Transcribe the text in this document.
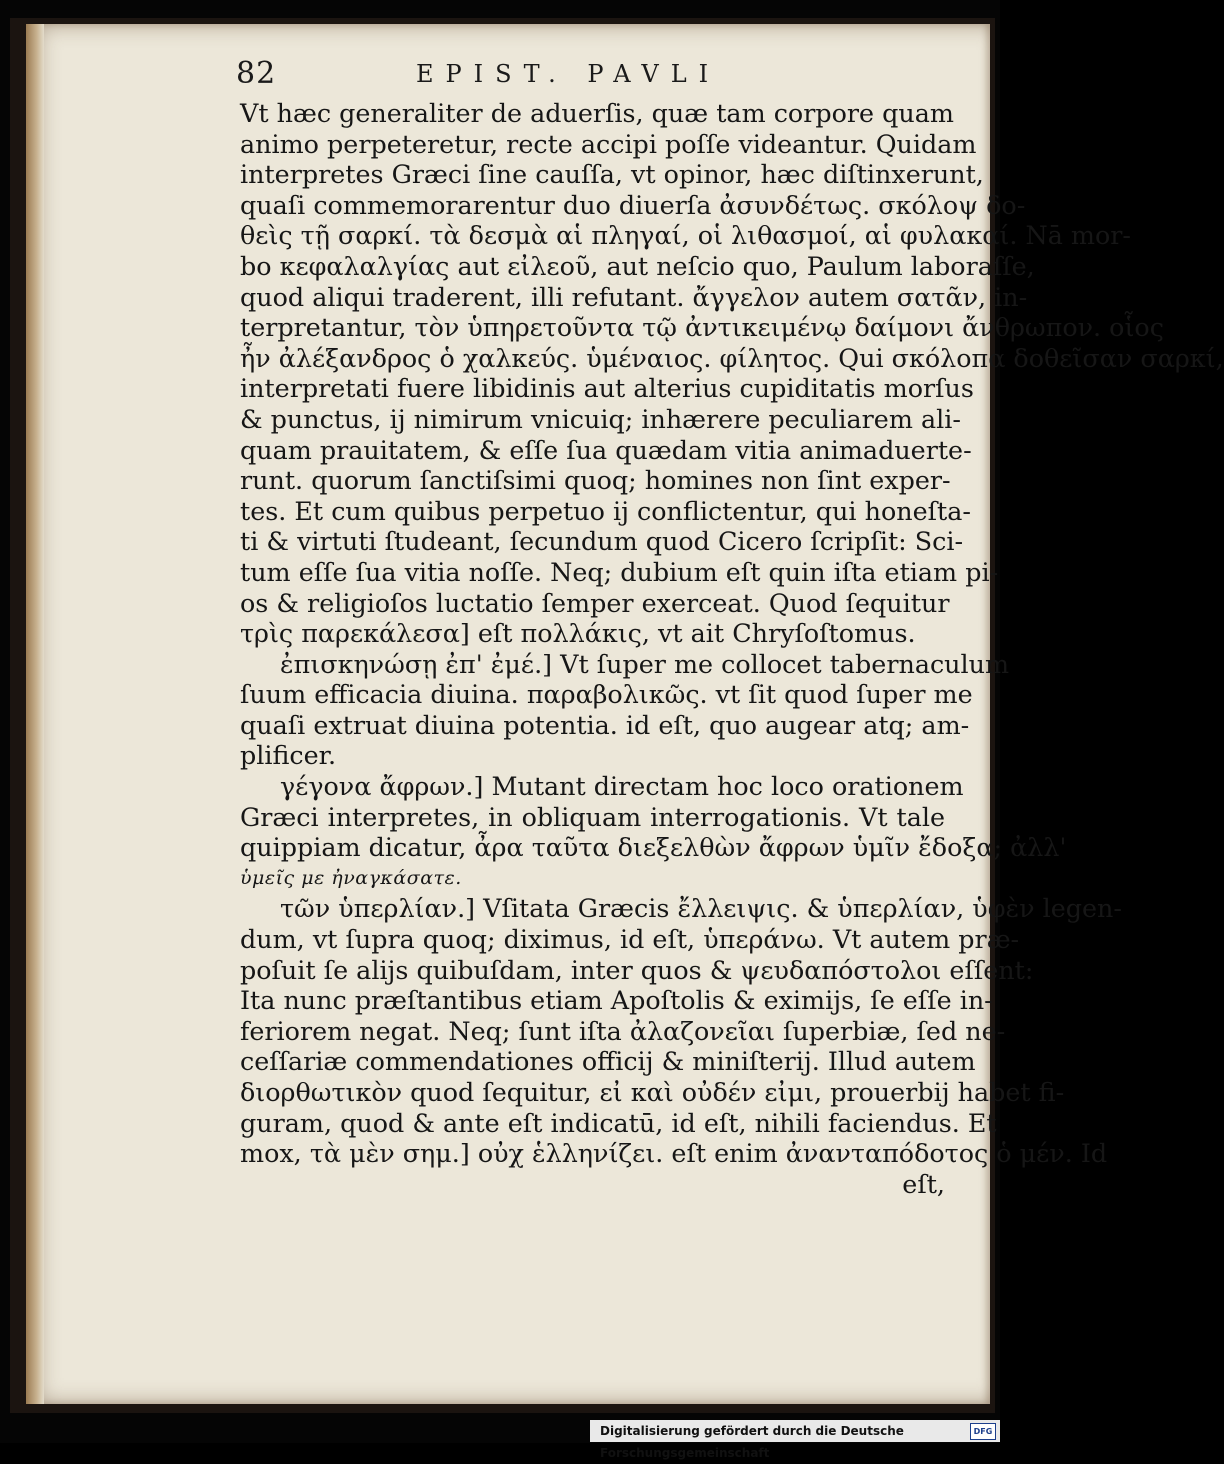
82	EPIST. PAVLI
Vt hæc generaliter de aduerſis, quæ tam corpore quam
animo perpeteretur, recte accipi poſſe videantur. Quidam
interpretes Græci ſine cauſſa, vt opinor, hæc diſtinxerunt,
quaſi commemorarentur duo diuerſa ἀσυνδέτως. σκόλοψ δο-
θεὶς τῇ σαρκί. τὰ δεσμὰ αἱ πληγαί, οἱ λιθασμοί, αἱ φυλακαί. Nā mor-
bo κεφαλαλγίας aut εἰλεοῦ, aut neſcio quo, Paulum laboraſſe,
quod aliqui traderent, illi refutant. ἄγγελον autem σατᾶν, in-
terpretantur, τὸν ὑπηρετοῦντα τῷ ἀντικειμένῳ δαίμονι ἄνθρωπον. οἷος
ἦν ἀλέξανδρος ὁ χαλκεύς. ὑμέναιος. φίλητος. Qui σκόλοπα δοθεῖσαν σαρκί,
interpretati fuere libidinis aut alterius cupiditatis morſus
& punctus, ij nimirum vnicuiq; inhærere peculiarem ali-
quam prauitatem, & eſſe ſua quædam vitia animaduerte-
runt. quorum ſanctiſsimi quoq; homines non ſint exper-
tes. Et cum quibus perpetuo ij conflictentur, qui honeſta-
ti & virtuti ſtudeant, ſecundum quod Cicero ſcripſit: Sci-
tum eſſe ſua vitia noſſe. Neq; dubium eſt quin iſta etiam pi-
os & religioſos luctatio ſemper exerceat. Quod ſequitur
τρὶς παρεκάλεσα] eſt πολλάκις, vt ait Chryſoſtomus.
ἐπισκηνώσῃ ἐπ' ἐμέ.] Vt ſuper me collocet tabernaculum
ſuum efficacia diuina. παραβολικῶς. vt ſit quod ſuper me
quaſi extruat diuina potentia. id eſt, quo augear atq; am-
plificer.
γέγονα ἄφρων.] Mutant directam hoc loco orationem
Græci interpretes, in obliquam interrogationis. Vt tale
quippiam dicatur, ἆρα ταῦτα διεξελθὼν ἄφρων ὑμῖν ἔδοξα; ἀλλ'
ὑμεῖς με ἠναγκάσατε.
τῶν ὑπερλίαν.] Vſitata Græcis ἔλλειψις. & ὑπερλίαν, ὑφὲν legen-
dum, vt ſupra quoq; diximus, id eſt, ὑπεράνω. Vt autem præ-
poſuit ſe alijs quibuſdam, inter quos & ψευδαπόστολοι eſſent:
Ita nunc præſtantibus etiam Apoſtolis & eximijs, ſe eſſe in-
feriorem negat. Neq; ſunt iſta ἀλαζονεῖαι ſuperbiæ, ſed ne-
ceſſariæ commendationes officij & miniſterij. Illud autem
διορθωτικὸν quod ſequitur, εἰ καὶ οὐδέν εἰμι, prouerbij habet fi-
guram, quod & ante eſt indicatū, id eſt, nihili faciendus. Et
mox, τὰ μὲν σημ.] οὐχ ἑλληνίζει. eſt enim ἀνανταπόδοτος ὁ μέν. Id
eſt,
Digitalisierung gefördert durch die Deutsche Forschungsgemeinschaft
DFG
